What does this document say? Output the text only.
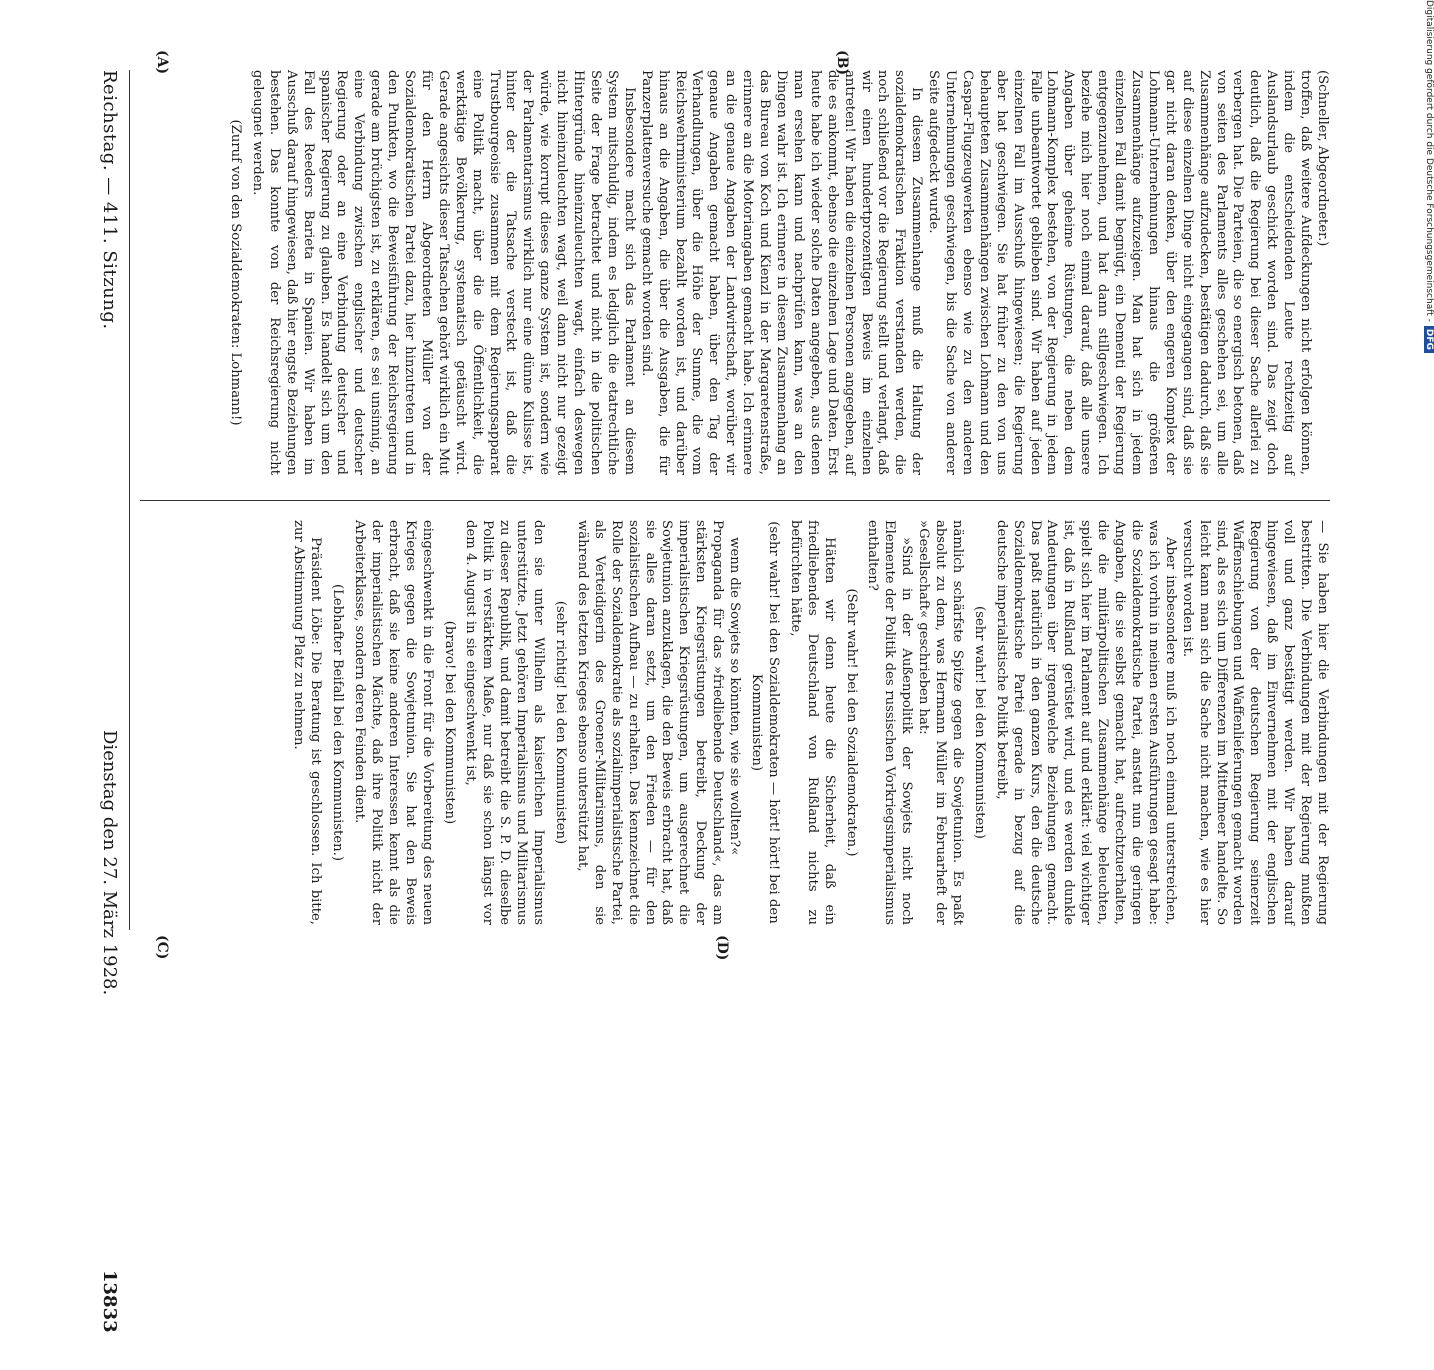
Reichstag. — 411. Sitzung.
Dienstag den 27. März 1928.
13833
(A)	(B)
(C)	(D)

(Schneller, Abgeordneter.)

troffen, daß weitere Aufdeckungen nicht erfolgen können, indem die entscheidenden Leute rechtzeitig auf Auslandsurlaub geschickt worden sind. Das zeigt doch deutlich, daß die Regierung bei dieser Sache allerlei zu verbergen hat. Die Parteien, die so energisch betonen, daß von seiten des Parlaments alles geschehen sei, um alle Zusammenhänge aufzudecken, bestätigen dadurch, daß sie auf diese einzelnen Dinge nicht eingegangen sind, daß sie gar nicht daran denken, über den engeren Komplex der Lohmann-Unternehmungen hinaus die größeren Zusammenhänge aufzuzeigen. Man hat sich in jedem einzelnen Fall damit begnügt, ein Dementi der Regierung entgegenzunehmen, und hat dann stillgeschwiegen. Ich beziehe mich hier noch einmal darauf, daß alle unsere Angaben über geheime Rüstungen, die neben dem Lohmann-Komplex bestehen, von der Regierung in jedem Falle unbeantwortet geblieben sind. Wir haben auf jeden einzelnen Fall im Ausschuß hingewiesen; die Regierung aber hat geschwiegen. Sie hat früher zu den von uns behaupteten Zusammenhängen zwischen Lohmann und den Caspar-Flugzeugwerken ebenso wie zu den anderen Unternehmungen geschwiegen, bis die Sache von anderer Seite aufgedeckt wurde.

In diesem Zusammenhange muß die Haltung der sozialdemokratischen Fraktion verstanden werden, die noch schließend vor die Regierung stellt und verlangt, daß wir einen hundertprozentigen Beweis im einzelnen antreten! Wir haben die einzelnen Personen angegeben, auf die es ankommt, ebenso die einzelnen Lage und Daten. Erst heute habe ich wieder solche Daten angegeben, aus denen man ersehen kann und nachprüfen kann, was an den Dingen wahr ist. Ich erinnere in diesem Zusammenhang an das Bureau von Koch und Kienzl in der Margaretenstraße, erinnere an die Motoriangaben gemacht habe. Ich erinnere an die genaue Angaben der Landwirtschaft, worüber wir genaue Angaben gemacht haben, über den Tag der Verhandlungen, über die Höhe der Summe, die vom Reichswehrministerium bezahlt worden ist, und darüber hinaus an die Angaben, die über die Ausgaben, die für Panzerplattenversuche gemacht worden sind.

Insbesondere macht sich das Parlament an diesem System mitschuldig, indem es lediglich die etatrechtliche Seite der Frage betrachtet und nicht in die politischen Hintergründe hineinzuleuchten wagt, einfach deswegen nicht hineinzuleuchten wagt, weil dann nicht nur gezeigt würde, wie korrupt dieses ganze System ist, sondern wie der Parlamentarismus wirklich nur eine dünne Kulisse ist, hinter der die Tatsache versteckt ist, daß die Trustbourgeoisie zusammen mit dem Regierungsapparat eine Politik macht, über die die Öffentlichkeit, die werktätige Bevölkerung, systematisch getäuscht wird. Gerade angesichts dieser Tatsachen gehört wirklich ein Mut für den Herrn Abgeordneten Müller von der Sozialdemokratischen Partei dazu, hier hinzutreten und in den Punkten, wo die Beweisführung der Reichsregierung gerade am brüchigsten ist, zu erklären, es sei unsinnig, an eine Verbindung zwischen englischer und deutscher Regierung oder an eine Verbindung deutscher und spanischer Regierung zu glauben. Es handelt sich um den Fall des Reeders Barieta in Spanien. Wir haben im Ausschuß darauf hingewiesen, daß hier engste Beziehungen bestehen. Das konnte von der Reichsregierung nicht geleugnet werden.

(Zuruf von den Sozialdemokraten: Lohmann!)

— Sie haben hier die Verbindungen mit der Regierung bestritten. Die Verbindungen mit der Regierung mußten voll und ganz bestätigt werden. Wir haben darauf hingewiesen, daß im Einvernehmen mit der englischen Regierung von der deutschen Regierung seinerzeit Waffenschiebungen und Waffenlieferungen gemacht worden sind, als es sich um Differenzen im Mittelmeer handelte. So leicht kann man sich die Sache nicht machen, wie es hier versucht worden ist.

Aber insbesondere muß ich noch einmal unterstreichen, was ich vorhin in meinen ersten Ausführungen gesagt habe: die Sozialdemokratische Partei, anstatt nun die geringen Angaben, die sie selbst gemacht hat, aufrechtzuerhalten, die die militärpolitischen Zusammenhänge beleuchten, spielt sich hier im Parlament auf und erklärt: viel wichtiger ist, daß in Rußland gerüstet wird, und es werden dunkle Andeutungen über irgendwelche Beziehungen gemacht. Das paßt natürlich in den ganzen Kurs, den die deutsche Sozialdemokratische Partei gerade in bezug auf die deutsche imperialistische Politik betreibt,

(sehr wahr! bei den Kommunisten)

nämlich schärfste Spitze gegen die Sowjetunion. Es paßt absolut zu dem, was Hermann Müller im Februarheft der »Gesellschaft« geschrieben hat:

»Sind in der Außenpolitik der Sowjets nicht noch Elemente der Politik des russischen Vorkriegsimperialismus enthalten?

(Sehr wahr! bei den Sozialdemokraten.)

Hätten wir denn heute die Sicherheit, daß ein friedliebendes Deutschland von Rußland nichts zu befürchten hätte,

(sehr wahr! bei den Sozialdemokraten — hört! hört! bei den Kommunisten)

wenn die Sowjets so könnten, wie sie wollten?«

Propaganda für das »friedliebende Deutschland«, das am stärksten Kriegsrüstungen betreibt, Deckung der imperialistischen Kriegsrüstungen, um ausgerechnet die Sowjetunion anzuklagen, die den Beweis erbracht hat, daß sie alles daran setzt, um den Frieden — für den sozialistischen Aufbau — zu erhalten. Das kennzeichnet die Rolle der Sozialdemokratie als sozialimperialistische Partei, als Verteidigerin des Groener-Militarismus, den sie während des letzten Krieges ebenso unterstützt hat,

(sehr richtig! bei den Kommunisten)

den sie unter Wilhelm als kaiserlichen Imperialismus unterstützte. Jetzt gehören Imperialismus und Militarismus zu dieser Republik, und damit betreibt die S. P. D. dieselbe Politik in verstärktem Maße, nur daß sie schon längst vor dem 4. August in sie eingeschwenkt ist,

(bravo! bei den Kommunisten)

eingeschwenkt in die Front für die Vorbereitung des neuen Krieges gegen die Sowjetunion. Sie hat den Beweis erbracht, daß sie keine anderen Interessen kennt als die der imperialistischen Mächte, daß ihre Politik nicht der Arbeiterklasse, sondern deren Feinden dient.

(Lebhafter Beifall bei den Kommunisten.)

Präsident Löbe: Die Beratung ist geschlossen. Ich bitte, zur Abstimmung Platz zu nehmen.

Digitalisierung gefördert durch die Deutsche Forschungsgemeinschaft -DFG
